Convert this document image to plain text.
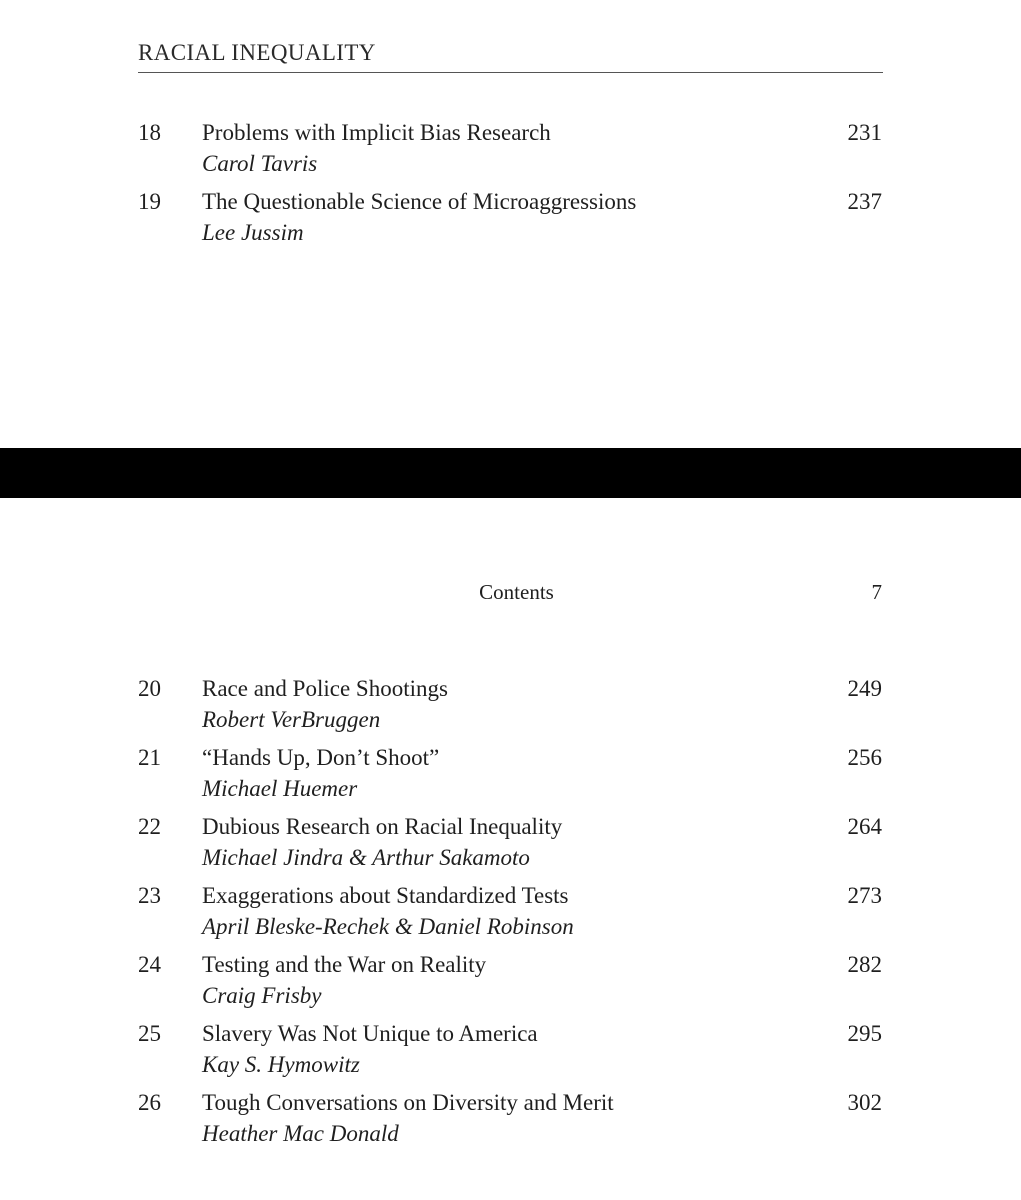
RACIAL INEQUALITY
18 Problems with Implicit Bias Research	231
Carol Tavris
19 The Questionable Science of Microaggressions	237
Lee Jussim
Contents	7
20 Race and Police Shootings	249
Robert VerBruggen
21 “Hands Up, Don’t Shoot”	256
Michael Huemer
22 Dubious Research on Racial Inequality	264
Michael Jindra & Arthur Sakamoto
23 Exaggerations about Standardized Tests	273
April Bleske-Rechek & Daniel Robinson
24 Testing and the War on Reality	282
Craig Frisby
25 Slavery Was Not Unique to America	295
Kay S. Hymowitz
26 Tough Conversations on Diversity and Merit	302
Heather Mac Donald
